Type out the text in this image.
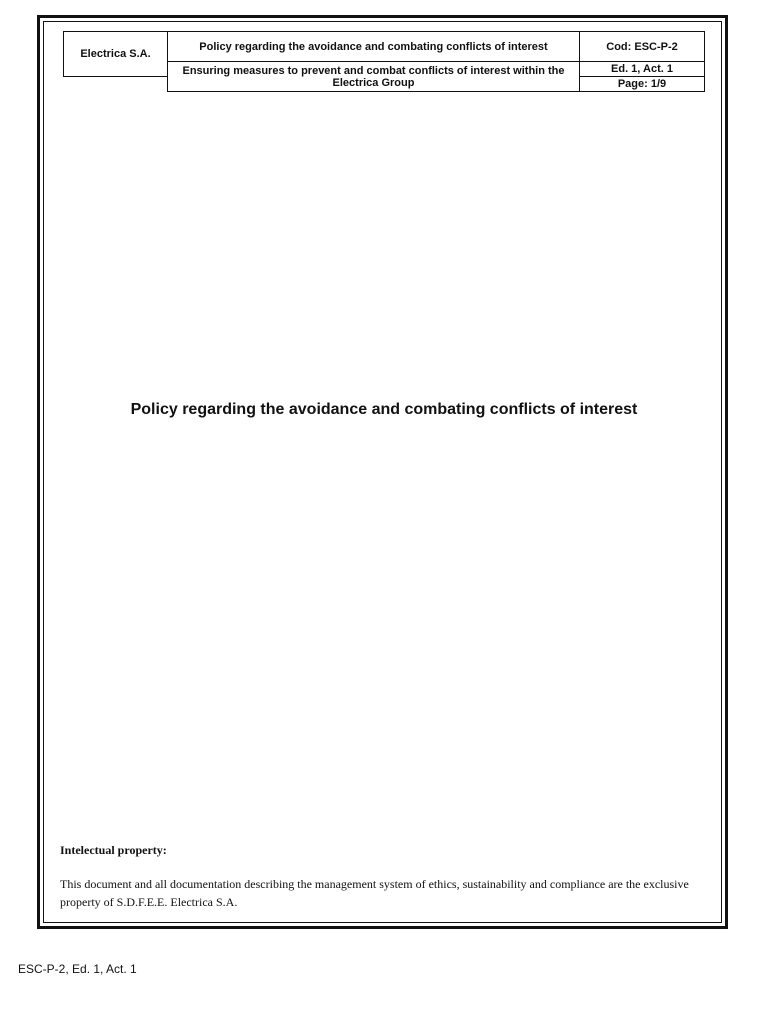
Electrica S.A.	Policy regarding the avoidance and combating conflicts of interest	Cod: ESC-P-2
	Ensuring measures to prevent and combat conflicts of interest within the Electrica Group	Ed. 1, Act. 1
		Page: 1/9
Policy regarding the avoidance and combating conflicts of interest
Intelectual property:
This document and all documentation describing the management system of ethics, sustainability and compliance are the exclusive property of S.D.F.E.E. Electrica S.A.
ESC-P-2, Ed. 1, Act. 1
